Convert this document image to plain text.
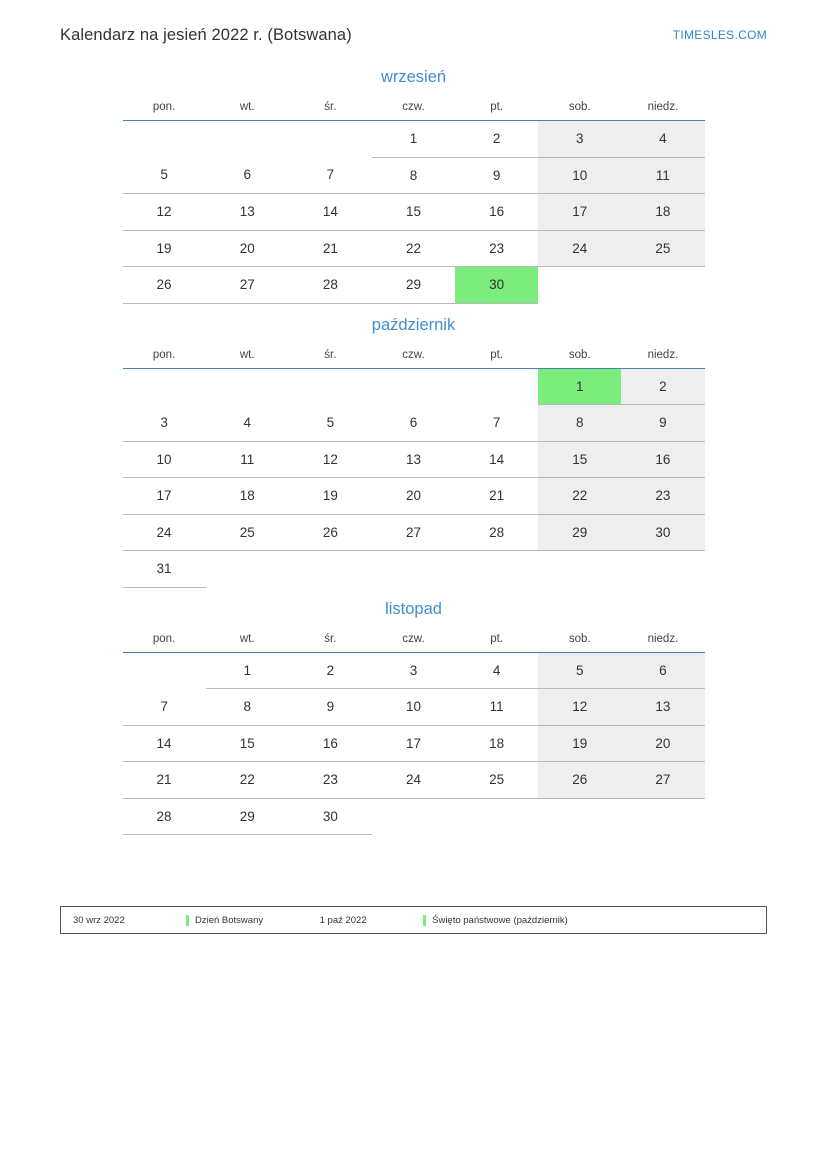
Kalendarz na jesień 2022 r. (Botswana)	TIMESLES.COM
wrzesień
pon.	wt.	śr.	czw.	pt.	sob.	niedz.

			1	2	3	4

5	6	7	8	9	10	11

12	13	14	15	16	17	18

19	20	21	22	23	24	25

26	27	28	29	30		

październik
pon.	wt.	śr.	czw.	pt.	sob.	niedz.

					1	2

3	4	5	6	7	8	9

10	11	12	13	14	15	16

17	18	19	20	21	22	23

24	25	26	27	28	29	30

31						

listopad
pon.	wt.	śr.	czw.	pt.	sob.	niedz.

	1	2	3	4	5	6

7	8	9	10	11	12	13

14	15	16	17	18	19	20

21	22	23	24	25	26	27

28	29	30				

30 wrz 2022	Dzień Botswany	1 paź 2022	Święto państwowe (październik)
